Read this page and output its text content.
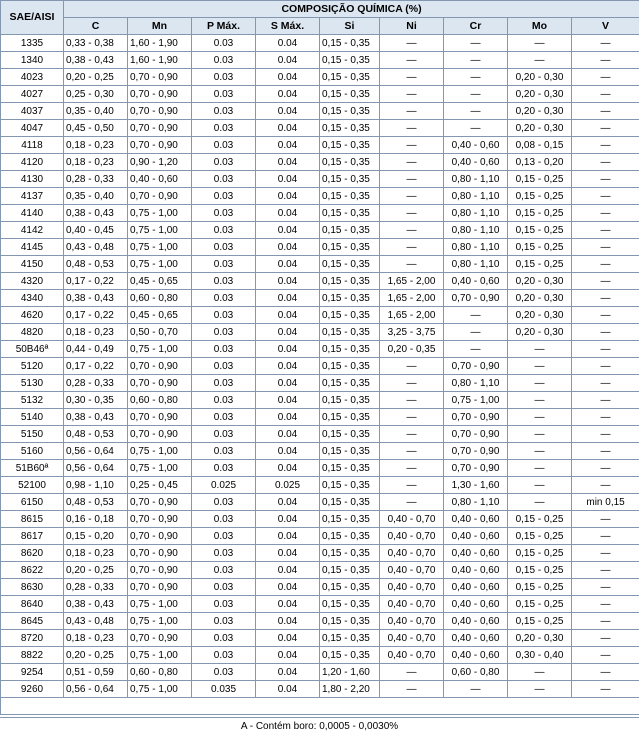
SAE/AISI	COMPOSIÇÃO QUÍMICA (%)								
	C	Mn	P Máx.	S Máx.	Si	Ni	Cr	Mo	V
1335	0,33 - 0,38	1,60 - 1,90	0.03	0.04	0,15 - 0,35	—	—	—	—
1340	0,38 - 0,43	1,60 - 1,90	0.03	0.04	0,15 - 0,35	—	—	—	—
4023	0,20 - 0,25	0,70 - 0,90	0.03	0.04	0,15 - 0,35	—	—	0,20 - 0,30	—
4027	0,25 - 0,30	0,70 - 0,90	0.03	0.04	0,15 - 0,35	—	—	0,20 - 0,30	—
4037	0,35 - 0,40	0,70 - 0,90	0.03	0.04	0,15 - 0,35	—	—	0,20 - 0,30	—
4047	0,45 - 0,50	0,70 - 0,90	0.03	0.04	0,15 - 0,35	—	—	0,20 - 0,30	—
4118	0,18 - 0,23	0,70 - 0,90	0.03	0.04	0,15 - 0,35	—	0,40 - 0,60	0,08 - 0,15	—
4120	0,18 - 0,23	0,90 - 1,20	0.03	0.04	0,15 - 0,35	—	0,40 - 0,60	0,13 - 0,20	—
4130	0,28 - 0,33	0,40 - 0,60	0.03	0.04	0,15 - 0,35	—	0,80 - 1,10	0,15 - 0,25	—
4137	0,35 - 0,40	0,70 - 0,90	0.03	0.04	0,15 - 0,35	—	0,80 - 1,10	0,15 - 0,25	—
4140	0,38 - 0,43	0,75 - 1,00	0.03	0.04	0,15 - 0,35	—	0,80 - 1,10	0,15 - 0,25	—
4142	0,40 - 0,45	0,75 - 1,00	0.03	0.04	0,15 - 0,35	—	0,80 - 1,10	0,15 - 0,25	—
4145	0,43 - 0,48	0,75 - 1,00	0.03	0.04	0,15 - 0,35	—	0,80 - 1,10	0,15 - 0,25	—
4150	0,48 - 0,53	0,75 - 1,00	0.03	0.04	0,15 - 0,35	—	0,80 - 1,10	0,15 - 0,25	—
4320	0,17 - 0,22	0,45 - 0,65	0.03	0.04	0,15 - 0,35	1,65 - 2,00	0,40 - 0,60	0,20 - 0,30	—
4340	0,38 - 0,43	0,60 - 0,80	0.03	0.04	0,15 - 0,35	1,65 - 2,00	0,70 - 0,90	0,20 - 0,30	—
4620	0,17 - 0,22	0,45 - 0,65	0.03	0.04	0,15 - 0,35	1,65 - 2,00	—	0,20 - 0,30	—
4820	0,18 - 0,23	0,50 - 0,70	0.03	0.04	0,15 - 0,35	3,25 - 3,75	—	0,20 - 0,30	—
50B46ª	0,44 - 0,49	0,75 - 1,00	0.03	0.04	0,15 - 0,35	0,20 - 0,35	—	—	—
5120	0,17 - 0,22	0,70 - 0,90	0.03	0.04	0,15 - 0,35	—	0,70 - 0,90	—	—
5130	0,28 - 0,33	0,70 - 0,90	0.03	0.04	0,15 - 0,35	—	0,80 - 1,10	—	—
5132	0,30 - 0,35	0,60 - 0,80	0.03	0.04	0,15 - 0,35	—	0,75 - 1,00	—	—
5140	0,38 - 0,43	0,70 - 0,90	0.03	0.04	0,15 - 0,35	—	0,70 - 0,90	—	—
5150	0,48 - 0,53	0,70 - 0,90	0.03	0.04	0,15 - 0,35	—	0,70 - 0,90	—	—
5160	0,56 - 0,64	0,75 - 1,00	0.03	0.04	0,15 - 0,35	—	0,70 - 0,90	—	—
51B60ª	0,56 - 0,64	0,75 - 1,00	0.03	0.04	0,15 - 0,35	—	0,70 - 0,90	—	—
52100	0,98 - 1,10	0,25 - 0,45	0.025	0.025	0,15 - 0,35	—	1,30 - 1,60	—	—
6150	0,48 - 0,53	0,70 - 0,90	0.03	0.04	0,15 - 0,35	—	0,80 - 1,10	—	min 0,15
8615	0,16 - 0,18	0,70 - 0,90	0.03	0.04	0,15 - 0,35	0,40 - 0,70	0,40 - 0,60	0,15 - 0,25	—
8617	0,15 - 0,20	0,70 - 0,90	0.03	0.04	0,15 - 0,35	0,40 - 0,70	0,40 - 0,60	0,15 - 0,25	—
8620	0,18 - 0,23	0,70 - 0,90	0.03	0.04	0,15 - 0,35	0,40 - 0,70	0,40 - 0,60	0,15 - 0,25	—
8622	0,20 - 0,25	0,70 - 0,90	0.03	0.04	0,15 - 0,35	0,40 - 0,70	0,40 - 0,60	0,15 - 0,25	—
8630	0,28 - 0,33	0,70 - 0,90	0.03	0.04	0,15 - 0,35	0,40 - 0,70	0,40 - 0,60	0,15 - 0,25	—
8640	0,38 - 0,43	0,75 - 1,00	0.03	0.04	0,15 - 0,35	0,40 - 0,70	0,40 - 0,60	0,15 - 0,25	—
8645	0,43 - 0,48	0,75 - 1,00	0.03	0.04	0,15 - 0,35	0,40 - 0,70	0,40 - 0,60	0,15 - 0,25	—
8720	0,18 - 0,23	0,70 - 0,90	0.03	0.04	0,15 - 0,35	0,40 - 0,70	0,40 - 0,60	0,20 - 0,30	—
8822	0,20 - 0,25	0,75 - 1,00	0.03	0.04	0,15 - 0,35	0,40 - 0,70	0,40 - 0,60	0,30 - 0,40	—
9254	0,51 - 0,59	0,60 - 0,80	0.03	0.04	1,20 - 1,60	—	0,60 - 0,80	—	—
9260	0,56 - 0,64	0,75 - 1,00	0.035	0.04	1,80 - 2,20	—	—	—	—

A - Contém boro: 0,0005 - 0,0030%
